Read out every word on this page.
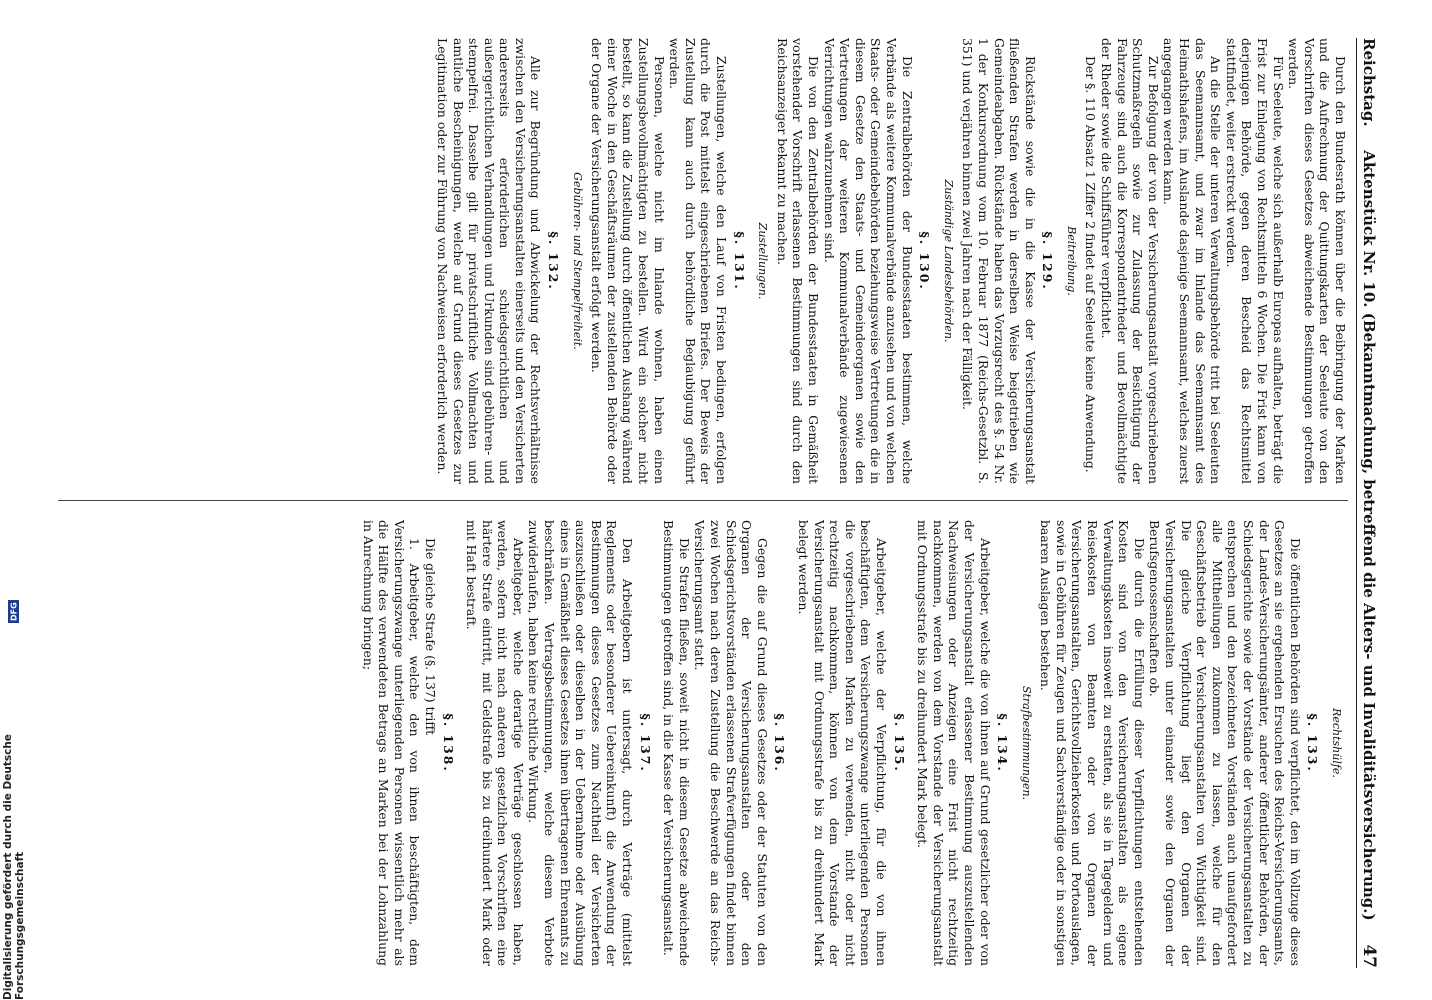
Reichstag.
Aktenstück Nr. 10. (Bekanntmachung, betreffend die Alters- und Invaliditätsversicherung.)
47

Durch den Bundesrath können über die Beibringung der Marken und die Aufrechnung der Quittungskarten der Seeleute von den Vorschriften dieses Gesetzes abweichende Bestimmungen getroffen werden.

Für Seeleute, welche sich außerhalb Europas aufhalten, beträgt die Frist zur Einlegung von Rechtsmitteln 6 Wochen. Die Frist kann von derjenigen Behörde, gegen deren Bescheid das Rechtsmittel stattfindet, weiter erstreckt werden.

An die Stelle der unteren Verwaltungsbehörde tritt bei Seeleuten das Seemannsamt, und zwar im Inlande das Seemannsamt des Heimathshafens, im Auslande dasjenige Seemannsamt, welches zuerst angegangen werden kann.

Zur Befolgung der von der Versicherungsanstalt vorgeschriebenen Schutzmaßregeln sowie zur Zulassung der Besichtigung der Fahrzeuge sind auch die Korrespondentrheder und Bevollmächtigte der Rheder sowie die Schiffsführer verpflichtet.

Der §. 110 Absatz 1 Ziffer 2 findet auf Seeleute keine Anwendung.

Beitreibung.
§. 129.

Rückstände sowie die in die Kasse der Versicherungsanstalt fließenden Strafen werden in derselben Weise beigetrieben wie Gemeindeabgaben. Rückstände haben das Vorzugsrecht des §. 54 Nr. 1 der Konkursordnung vom 10. Februar 1877 (Reichs-Gesetzbl. S. 351) und verjähren binnen zwei Jahren nach der Fälligkeit.

Zuständige Landesbehörden.
§. 130.

Die Zentralbehörden der Bundesstaaten bestimmen, welche Verbände als weitere Kommunalverbände anzusehen und von welchen Staats- oder Gemeindebehörden beziehungsweise Vertretungen die in diesem Gesetze den Staats- und Gemeindeorganen sowie den Vertretungen der weiteren Kommunalverbände zugewiesenen Verrichtungen wahrzunehmen sind.

Die von den Zentralbehörden der Bundesstaaten in Gemäßheit vorstehender Vorschrift erlassenen Bestimmungen sind durch den Reichsanzeiger bekannt zu machen.

Zustellungen.
§. 131.

Zustellungen, welche den Lauf von Fristen bedingen, erfolgen durch die Post mittelst eingeschriebenen Briefes. Der Beweis der Zustellung kann auch durch behördliche Beglaubigung geführt werden.

Personen, welche nicht im Inlande wohnen, haben einen Zustellungsbevollmächtigten zu bestellen. Wird ein solcher nicht bestellt, so kann die Zustellung durch öffentlichen Aushang während einer Woche in den Geschäftsräumen der zustellenden Behörde oder der Organe der Versicherungsanstalt erfolgt werden.

Gebühren- und Stempelfreiheit.
§. 132.

Alle zur Begründung und Abwickelung der Rechtsverhältnisse zwischen den Versicherungsanstalten einerseits und den Versicherten andererseits erforderlichen schiedsgerichtlichen und außergerichtlichen Verhandlungen und Urkunden sind gebühren- und stempelfrei. Dasselbe gilt für privatschriftliche Vollmachten und amtliche Bescheinigungen, welche auf Grund dieses Gesetzes zur Legitimation oder zur Führung von Nachweisen erforderlich werden.

Rechtshülfe.
§. 133.

Die öffentlichen Behörden sind verpflichtet, den im Vollzuge dieses Gesetzes an sie ergehenden Ersuchen des Reichs-Versicherungsamts, der Landes-Versicherungsämter, anderer öffentlicher Behörden, der Schiedsgerichte sowie der Vorstände der Versicherungsanstalten zu entsprechen und den bezeichneten Vorständen auch unaufgefordert alle Mittheilungen zukommen zu lassen, welche für den Geschäftsbetrieb der Versicherungsanstalten von Wichtigkeit sind. Die gleiche Verpflichtung liegt den Organen der Versicherungsanstalten unter einander sowie den Organen der Berufsgenossenschaften ob.

Die durch die Erfüllung dieser Verpflichtungen entstehenden Kosten sind von den Versicherungsanstalten als eigene Verwaltungskosten insoweit zu erstatten, als sie in Tagegeldern und Reisekosten von Beamten oder von Organen der Versicherungsanstalten, Gerichtsvollzieherkosten und Portoauslagen, sowie in Gebühren für Zeugen und Sachverständige oder in sonstigen baaren Auslagen bestehen.

Strafbestimmungen.
§. 134.

Arbeitgeber, welche die von ihnen auf Grund gesetzlicher oder von der Versicherungsanstalt erlassener Bestimmung auszustellenden Nachweisungen oder Anzeigen eine Frist nicht rechtzeitig nachkommen, werden von dem Vorstande der Versicherungsanstalt mit Ordnungsstrafe bis zu dreihundert Mark belegt.

§. 135.

Arbeitgeber, welche der Verpflichtung, für die von ihnen beschäftigten, dem Versicherungszwange unterliegenden Personen die vorgeschriebenen Marken zu verwenden, nicht oder nicht rechtzeitig nachkommen, können von dem Vorstande der Versicherungsanstalt mit Ordnungsstrafe bis zu dreihundert Mark belegt werden.

§. 136.

Gegen die auf Grund dieses Gesetzes oder der Statuten von den Organen der Versicherungsanstalten oder den Schiedsgerichtsvorständen erlassenen Strafverfügungen findet binnen zwei Wochen nach deren Zustellung die Beschwerde an das Reichs-Versicherungsamt statt.

Die Strafen fließen, soweit nicht in diesem Gesetze abweichende Bestimmungen getroffen sind, in die Kasse der Versicherungsanstalt.

§. 137.

Den Arbeitgebern ist untersagt, durch Verträge (mittelst Reglements oder besonderer Uebereinkunft) die Anwendung der Bestimmungen dieses Gesetzes zum Nachtheil der Versicherten auszuschließen oder dieselben in der Uebernahme oder Ausübung eines in Gemäßheit dieses Gesetzes ihnen übertragenen Ehrenamts zu beschränken. Vertragsbestimmungen, welche diesem Verbote zuwiderlaufen, haben keine rechtliche Wirkung.

Arbeitgeber, welche derartige Verträge geschlossen haben, werden, sofern nicht nach anderen gesetzlichen Vorschriften eine härtere Strafe eintritt, mit Geldstrafe bis zu dreihundert Mark oder mit Haft bestraft.

§. 138.

Die gleiche Strafe (§. 137) trifft

1. Arbeitgeber, welche den von ihnen beschäftigten, dem Versicherungszwange unterliegenden Personen wissentlich mehr als die Hälfte des verwendeten Betrags an Marken bei der Lohnzahlung in Anrechnung bringen;

Digitalisierung gefördert durch die Deutsche Forschungsgemeinschaft
DFG
